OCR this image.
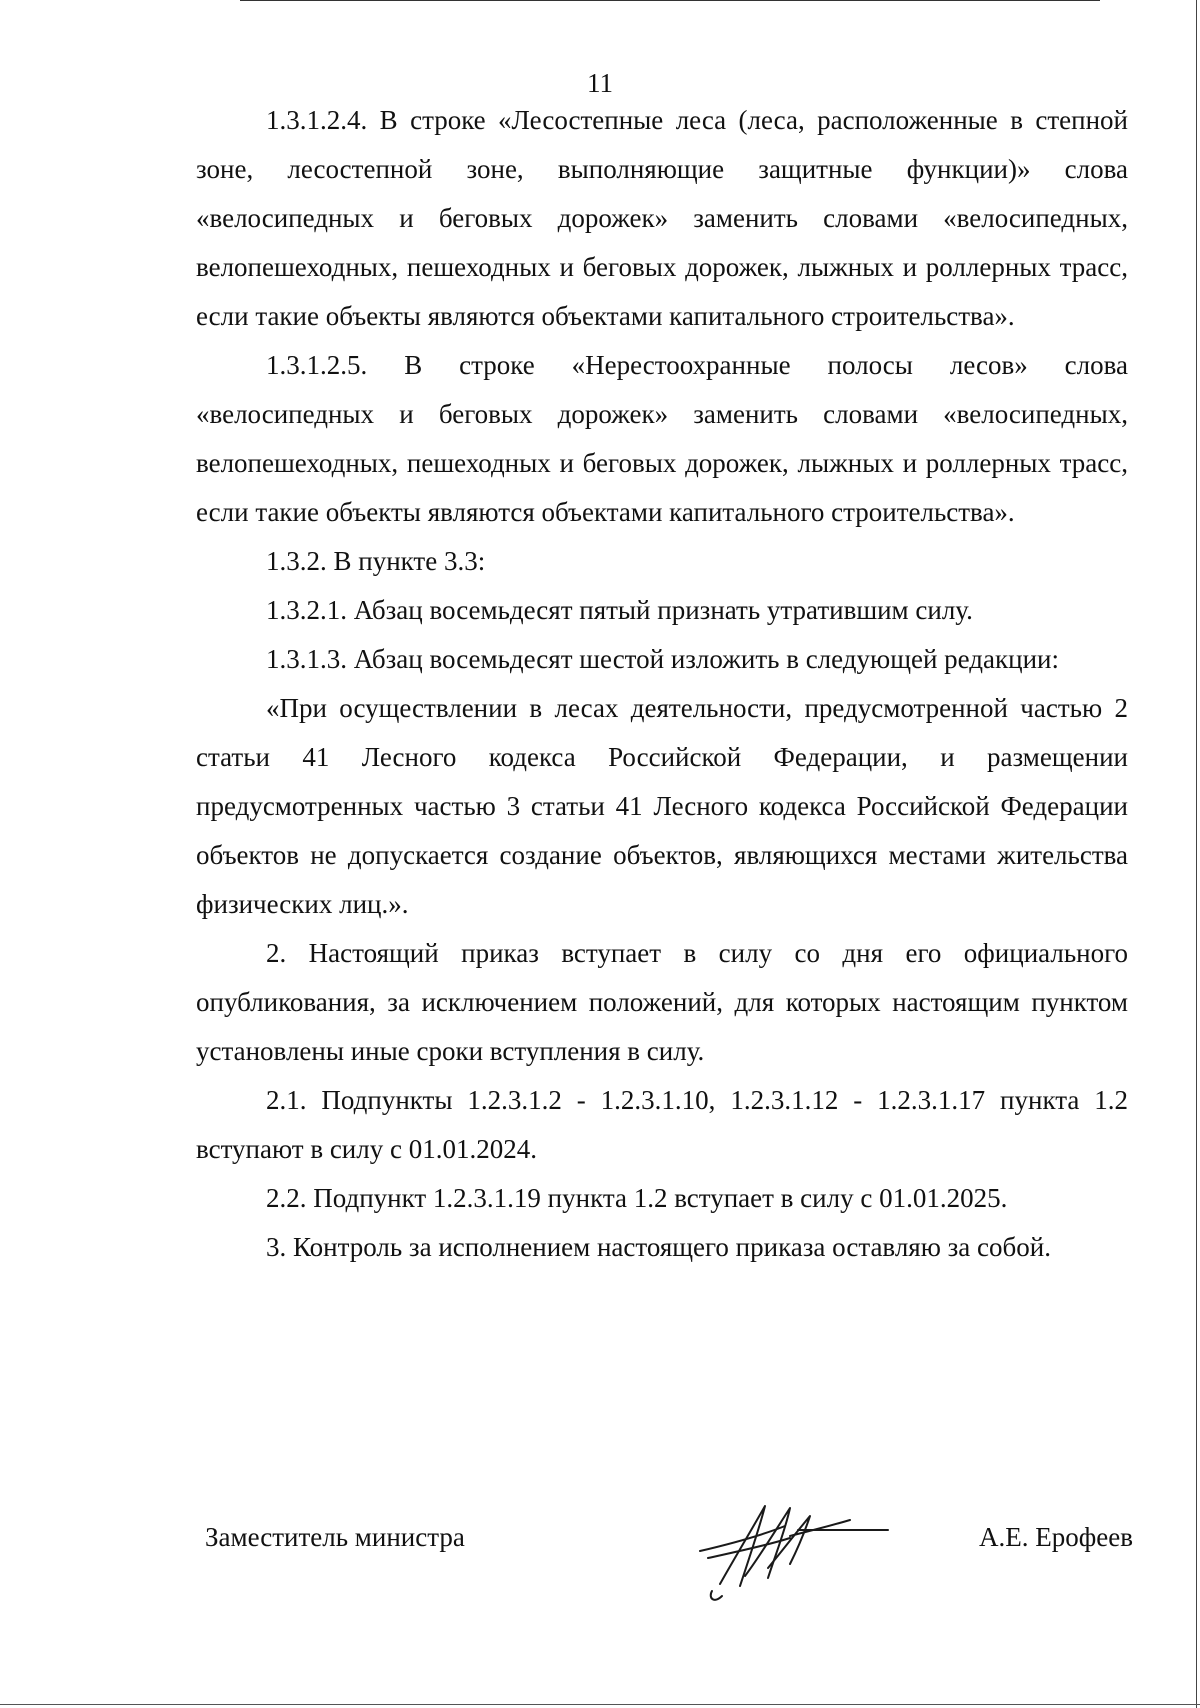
11

1.3.1.2.4. В строке «Лесостепные леса (леса, расположенные в степной зоне, лесостепной зоне, выполняющие защитные функции)» слова «велосипедных и беговых дорожек» заменить словами «велосипедных, велопешеходных, пешеходных и беговых дорожек, лыжных и роллерных трасс, если такие объекты являются объектами капитального строительства».

1.3.1.2.5. В строке «Нерестоохранные полосы лесов» слова «велосипедных и беговых дорожек» заменить словами «велосипедных, велопешеходных, пешеходных и беговых дорожек, лыжных и роллерных трасс, если такие объекты являются объектами капитального строительства».

1.3.2. В пункте 3.3:

1.3.2.1. Абзац восемьдесят пятый признать утратившим силу.

1.3.1.3. Абзац восемьдесят шестой изложить в следующей редакции:

«При осуществлении в лесах деятельности, предусмотренной частью 2 статьи 41 Лесного кодекса Российской Федерации, и размещении предусмотренных частью 3 статьи 41 Лесного кодекса Российской Федерации объектов не допускается создание объектов, являющихся местами жительства физических лиц.».

2. Настоящий приказ вступает в силу со дня его официального опубликования, за исключением положений, для которых настоящим пунктом установлены иные сроки вступления в силу.

2.1. Подпункты 1.2.3.1.2 - 1.2.3.1.10, 1.2.3.1.12 - 1.2.3.1.17 пункта 1.2 вступают в силу с 01.01.2024.

2.2. Подпункт 1.2.3.1.19 пункта 1.2 вступает в силу с 01.01.2025.

3. Контроль за исполнением настоящего приказа оставляю за собой.

Заместитель министра	А.Е. Ерофеев
